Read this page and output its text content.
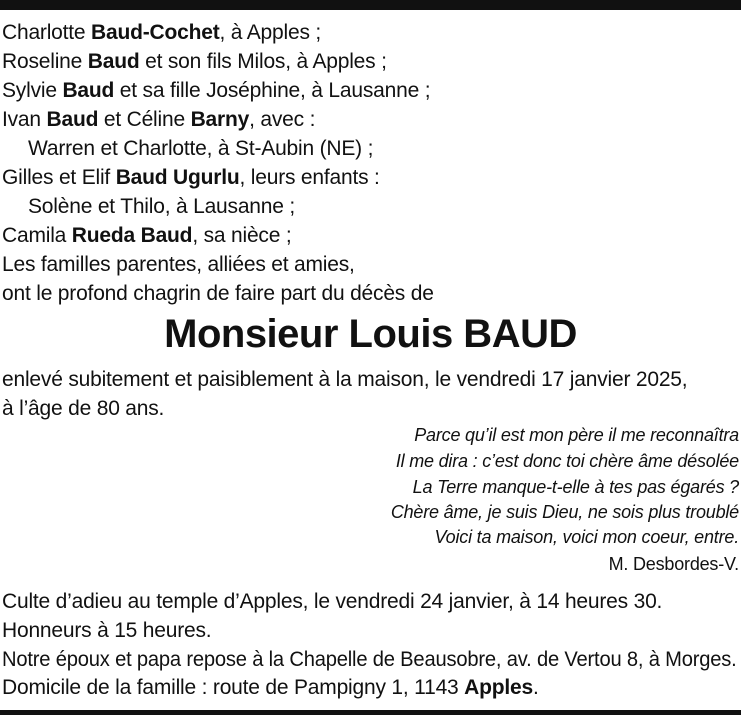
Charlotte Baud-Cochet, à Apples ;
Roseline Baud et son fils Milos, à Apples ;
Sylvie Baud et sa fille Joséphine, à Lausanne ;
Ivan Baud et Céline Barny, avec :
Warren et Charlotte, à St-Aubin (NE) ;
Gilles et Elif Baud Ugurlu, leurs enfants :
Solène et Thilo, à Lausanne ;
Camila Rueda Baud, sa nièce ;
Les familles parentes, alliées et amies,
ont le profond chagrin de faire part du décès de
Monsieur Louis BAUD
enlevé subitement et paisiblement à la maison, le vendredi 17 janvier 2025,
à l’âge de 80 ans.
Parce qu’il est mon père il me reconnaîtra
Il me dira : c’est donc toi chère âme désolée
La Terre manque-t-elle à tes pas égarés ?
Chère âme, je suis Dieu, ne sois plus troublé
Voici ta maison, voici mon coeur, entre.
M. Desbordes-V.
Culte d’adieu au temple d’Apples, le vendredi 24 janvier, à 14 heures 30.
Honneurs à 15 heures.
Notre époux et papa repose à la Chapelle de Beausobre, av. de Vertou 8, à Morges.
Domicile de la famille : route de Pampigny 1, 1143 Apples.
